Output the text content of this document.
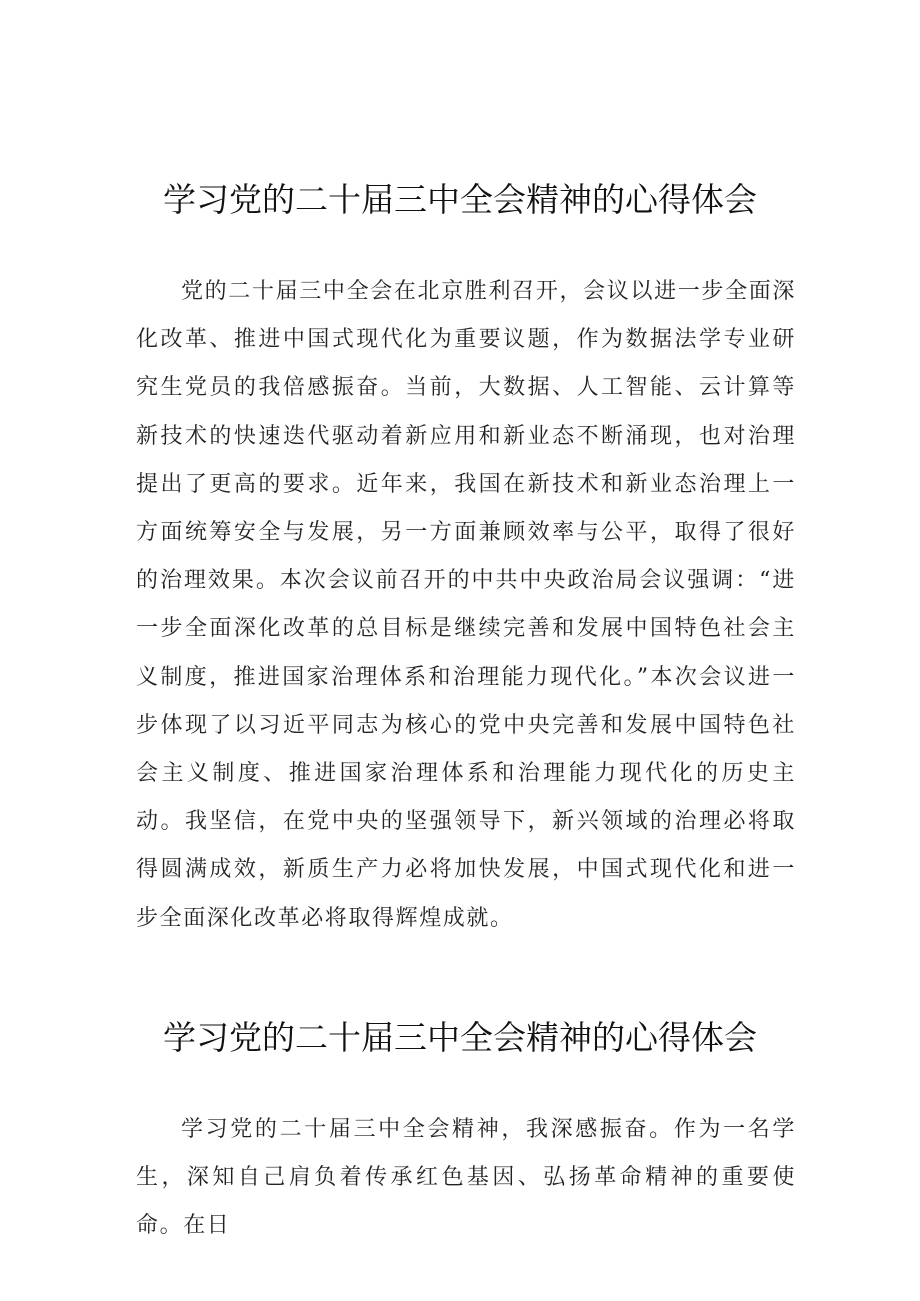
学习党的二十届三中全会精神的心得体会

党的二十届三中全会在北京胜利召开，会议以进一步全面深化改革、推进中国式现代化为重要议题，作为数据法学专业研究生党员的我倍感振奋。当前，大数据、人工智能、云计算等新技术的快速迭代驱动着新应用和新业态不断涌现，也对治理提出了更高的要求。近年来，我国在新技术和新业态治理上一方面统筹安全与发展，另一方面兼顾效率与公平，取得了很好的治理效果。本次会议前召开的中共中央政治局会议强调：“进一步全面深化改革的总目标是继续完善和发展中国特色社会主义制度，推进国家治理体系和治理能力现代化。”本次会议进一步体现了以习近平同志为核心的党中央完善和发展中国特色社会主义制度、推进国家治理体系和治理能力现代化的历史主动。我坚信，在党中央的坚强领导下，新兴领域的治理必将取得圆满成效，新质生产力必将加快发展，中国式现代化和进一步全面深化改革必将取得辉煌成就。

学习党的二十届三中全会精神的心得体会

学习党的二十届三中全会精神，我深感振奋。作为一名学生，深知自己肩负着传承红色基因、弘扬革命精神的重要使命。在日
